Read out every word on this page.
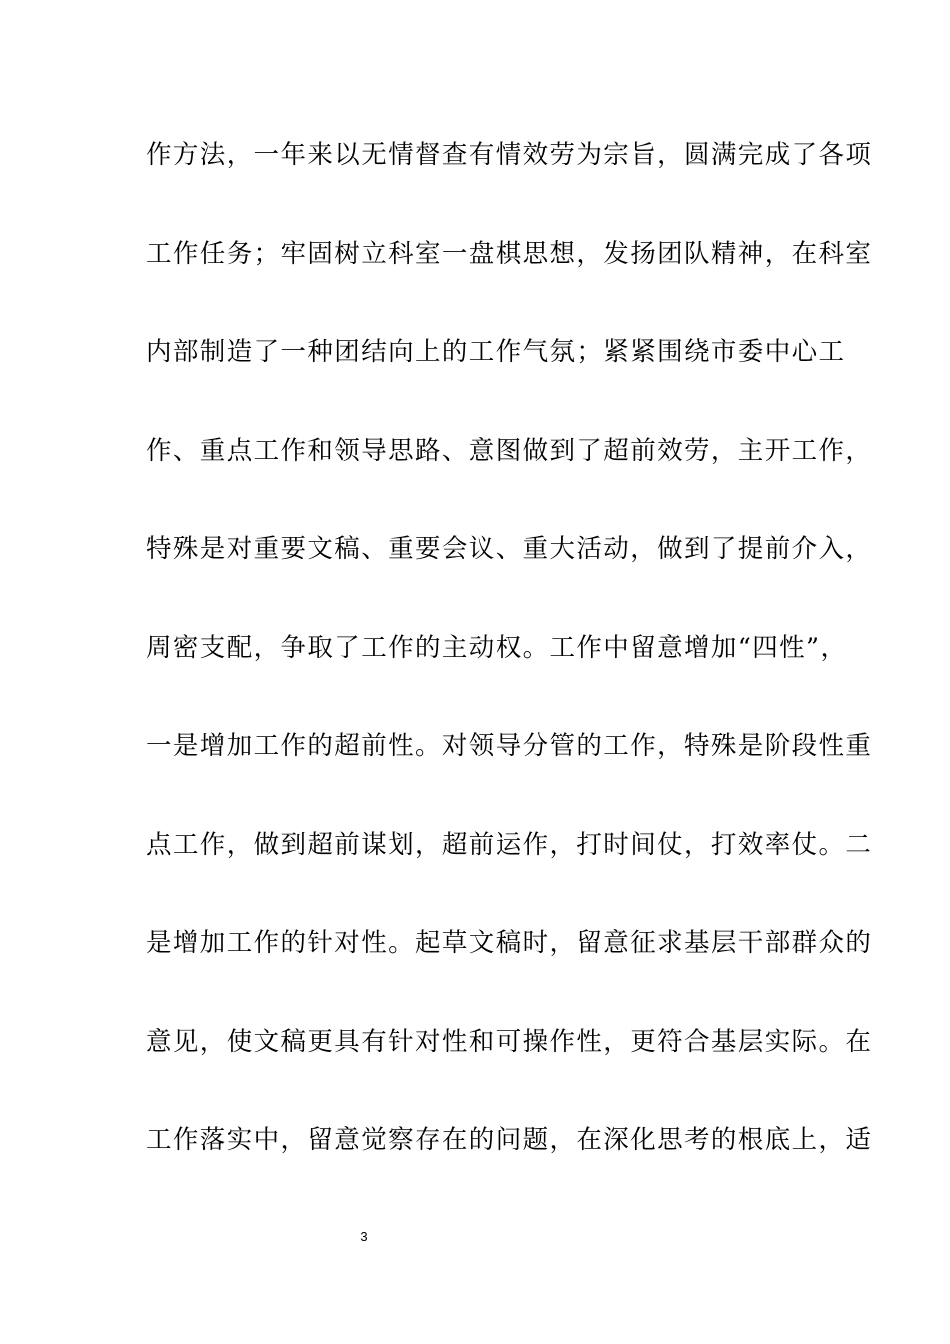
作方法，一年来以无情督查有情效劳为宗旨，圆满完成了各项
工作任务；牢固树立科室一盘棋思想，发扬团队精神，在科室
内部制造了一种团结向上的工作气氛；紧紧围绕市委中心工
作、重点工作和领导思路、意图做到了超前效劳，主开工作，
特殊是对重要文稿、重要会议、重大活动，做到了提前介入，
周密支配，争取了工作的主动权。工作中留意增加“四性”，
一是增加工作的超前性。对领导分管的工作，特殊是阶段性重
点工作，做到超前谋划，超前运作，打时间仗，打效率仗。二
是增加工作的针对性。起草文稿时，留意征求基层干部群众的
意见，使文稿更具有针对性和可操作性，更符合基层实际。在
工作落实中，留意觉察存在的问题，在深化思考的根底上，适
3
